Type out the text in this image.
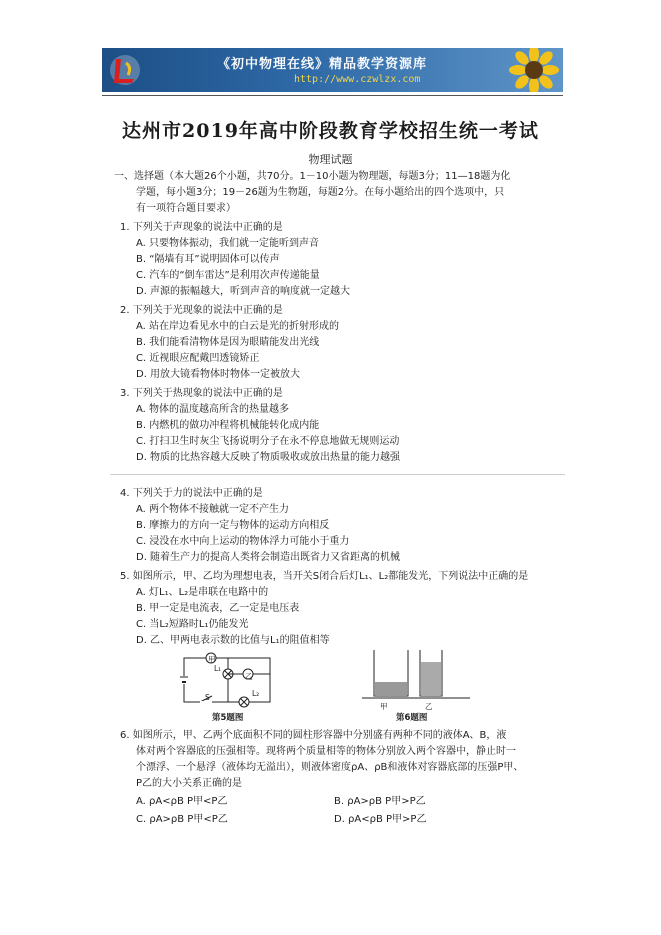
《初中物理在线》精品教学资源库
http://www.czwlzx.com
达州市2019年高中阶段教育学校招生统一考试
物理试题
一、选择题（本大题26个小题，共70分。1－10小题为物理题，每题3分；11—18题为化
学题，每小题3分；19－26题为生物题，每题2分。在每小题给出的四个选项中，只
有一项符合题目要求）
1. 下列关于声现象的说法中正确的是
A. 只要物体振动，我们就一定能听到声音
B. “隔墙有耳”说明固体可以传声
C. 汽车的“倒车雷达”是利用次声传递能量
D. 声源的振幅越大，听到声音的响度就一定越大
2. 下列关于光现象的说法中正确的是
A. 站在岸边看见水中的白云是光的折射形成的
B. 我们能看清物体是因为眼睛能发出光线
C. 近视眼应配戴凹透镜矫正
D. 用放大镜看物体时物体一定被放大
3. 下列关于热现象的说法中正确的是
A. 物体的温度越高所含的热量越多
B. 内燃机的做功冲程将机械能转化成内能
C. 打扫卫生时灰尘飞扬说明分子在永不停息地做无规则运动
D. 物质的比热容越大反映了物质吸收或放出热量的能力越强
4. 下列关于力的说法中正确的是
A. 两个物体不接触就一定不产生力
B. 摩擦力的方向一定与物体的运动方向相反
C. 浸没在水中向上运动的物体浮力可能小于重力
D. 随着生产力的提高人类将会制造出既省力又省距离的机械
5. 如图所示，甲、乙均为理想电表，当开关S闭合后灯L₁、L₂都能发光，下列说法中正确的是
A. 灯L₁、L₂是串联在电路中的
B. 甲一定是电流表，乙一定是电压表
C. 当L₂短路时L₁仍能发光
D. 乙、甲两电表示数的比值与L₁的阻值相等
甲
乙
L₁
L₂
S
第5题图
甲	乙
第6题图
6. 如图所示，甲、乙两个底面积不同的圆柱形容器中分别盛有两种不同的液体A、B，液
体对两个容器底的压强相等。现将两个质量相等的物体分别放入两个容器中，静止时一
个漂浮、一个悬浮（液体均无溢出），则液体密度ρA、ρB和液体对容器底部的压强P甲、
P乙的大小关系正确的是
A. ρA<ρB P甲<P乙	B. ρA>ρB P甲>P乙
C. ρA>ρB P甲<P乙	D. ρA<ρB P甲>P乙
